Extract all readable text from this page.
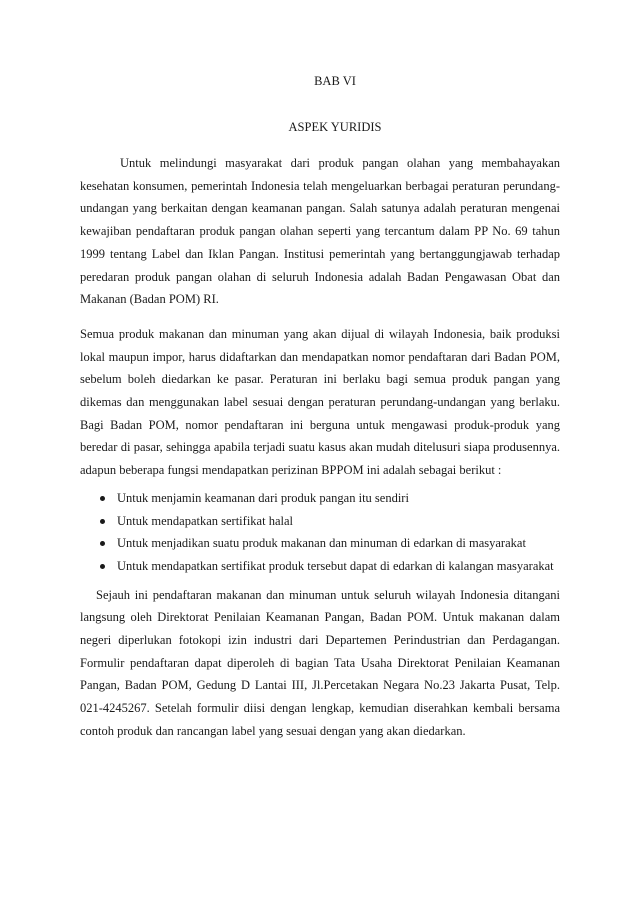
BAB VI
ASPEK YURIDIS

Untuk melindungi masyarakat dari produk pangan olahan yang membahayakan kesehatan konsumen, pemerintah Indonesia telah mengeluarkan berbagai peraturan perundang-undangan yang berkaitan dengan keamanan pangan. Salah satunya adalah peraturan mengenai kewajiban pendaftaran produk pangan olahan seperti yang tercantum dalam PP No. 69 tahun 1999 tentang Label dan Iklan Pangan. Institusi pemerintah yang bertanggungjawab terhadap peredaran produk pangan olahan di seluruh Indonesia adalah Badan Pengawasan Obat dan Makanan (Badan POM) RI.

Semua produk makanan dan minuman yang akan dijual di wilayah Indonesia, baik produksi lokal maupun impor, harus didaftarkan dan mendapatkan nomor pendaftaran dari Badan POM, sebelum boleh diedarkan ke pasar. Peraturan ini berlaku bagi semua produk pangan yang dikemas dan menggunakan label sesuai dengan peraturan perundang-undangan yang berlaku. Bagi Badan POM, nomor pendaftaran ini berguna untuk mengawasi produk-produk yang beredar di pasar, sehingga apabila terjadi suatu kasus akan mudah ditelusuri siapa produsennya. adapun beberapa fungsi mendapatkan perizinan BPPOM ini adalah sebagai berikut :

Untuk menjamin keamanan dari produk pangan itu sendiri
Untuk mendapatkan sertifikat halal
Untuk menjadikan suatu produk makanan dan minuman di edarkan di masyarakat
Untuk mendapatkan sertifikat produk tersebut dapat di edarkan di kalangan masyarakat

Sejauh ini pendaftaran makanan dan minuman untuk seluruh wilayah Indonesia ditangani langsung oleh Direktorat Penilaian Keamanan Pangan, Badan POM. Untuk makanan dalam negeri diperlukan fotokopi izin industri dari Departemen Perindustrian dan Perdagangan. Formulir pendaftaran dapat diperoleh di bagian Tata Usaha Direktorat Penilaian Keamanan Pangan, Badan POM, Gedung D Lantai III, Jl.Percetakan Negara No.23 Jakarta Pusat, Telp. 021-4245267. Setelah formulir diisi dengan lengkap, kemudian diserahkan kembali bersama contoh produk dan rancangan label yang sesuai dengan yang akan diedarkan.
